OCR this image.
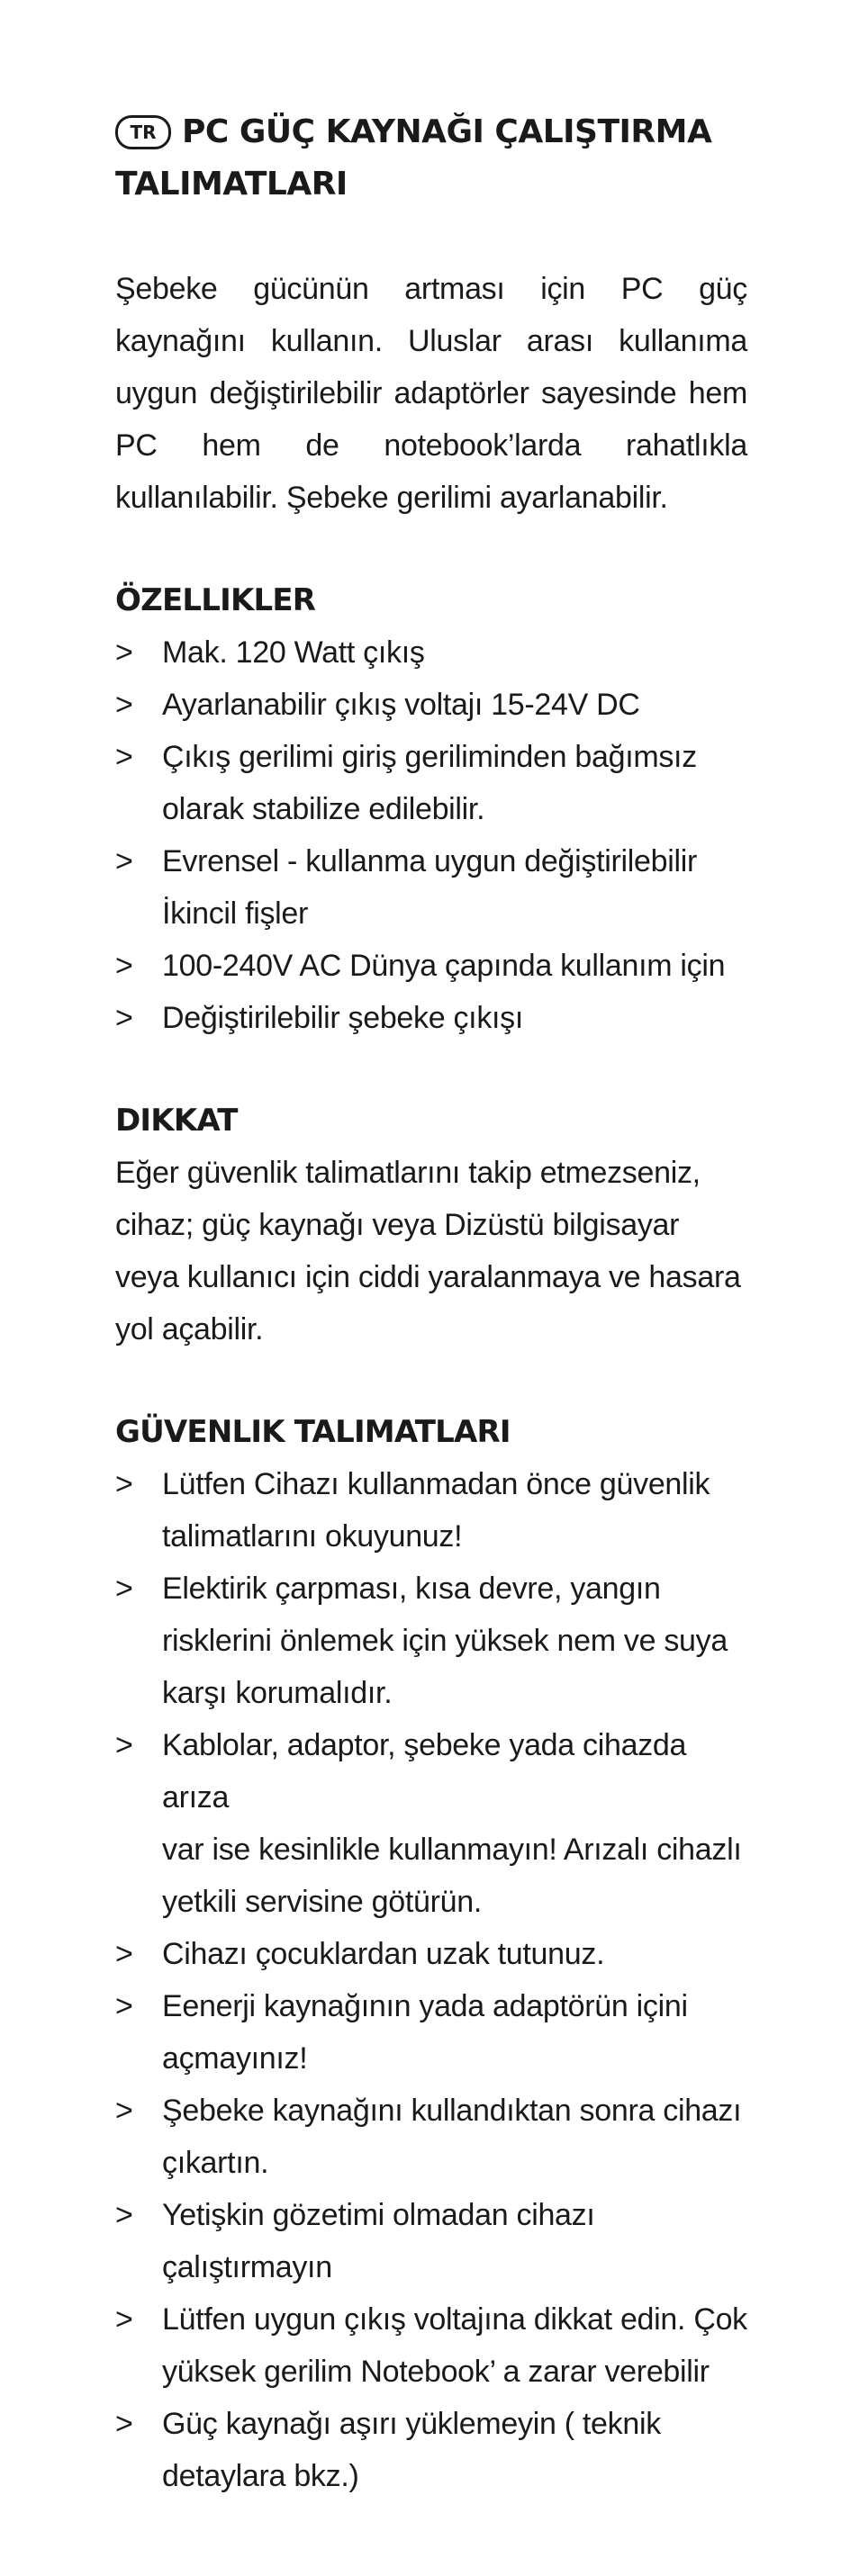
TR PC GÜÇ KAYNAĞI ÇALIŞTIRMA
TALIMATLARI

Şebeke gücünün artması için PC güç kaynağını kullanın. Uluslar arası kullanıma uygun değiştirilebilir adaptörler sayesinde hem PC hem de notebook’larda rahatlıkla kullanılabilir. Şebeke gerilimi ayarlanabilir.

ÖZELLIKLER
> Mak. 120 Watt çıkış
> Ayarlanabilir çıkış voltajı 15-24V DC
> Çıkış gerilimi giriş geriliminden bağımsız
olarak stabilize edilebilir.
> Evrensel - kullanma uygun değiştirilebilir
İkincil fişler
> 100-240V AC Dünya çapında kullanım için
> Değiştirilebilir şebeke çıkışı
DIKKAT
Eğer güvenlik talimatlarını takip etmezseniz,
cihaz; güç kaynağı veya Dizüstü bilgisayar
veya kullanıcı için ciddi yaralanmaya ve hasara
yol açabilir.
GÜVENLIK TALIMATLARI
> Lütfen Cihazı kullanmadan önce güvenlik
talimatlarını okuyunuz!
> Elektirik çarpması, kısa devre, yangın
risklerini önlemek için yüksek nem ve suya
karşı korumalıdır.
> Kablolar, adaptor, şebeke yada cihazda arıza
var ise kesinlikle kullanmayın! Arızalı cihazlı
yetkili servisine götürün.
> Cihazı çocuklardan uzak tutunuz.
> Eenerji kaynağının yada adaptörün içini
açmayınız!
> Şebeke kaynağını kullandıktan sonra cihazı
çıkartın.
> Yetişkin gözetimi olmadan cihazı
çalıştırmayın
> Lütfen uygun çıkış voltajına dikkat edin. Çok
yüksek gerilim Notebook’ a zarar verebilir
> Güç kaynağı aşırı yüklemeyin ( teknik
detaylara bkz.)
